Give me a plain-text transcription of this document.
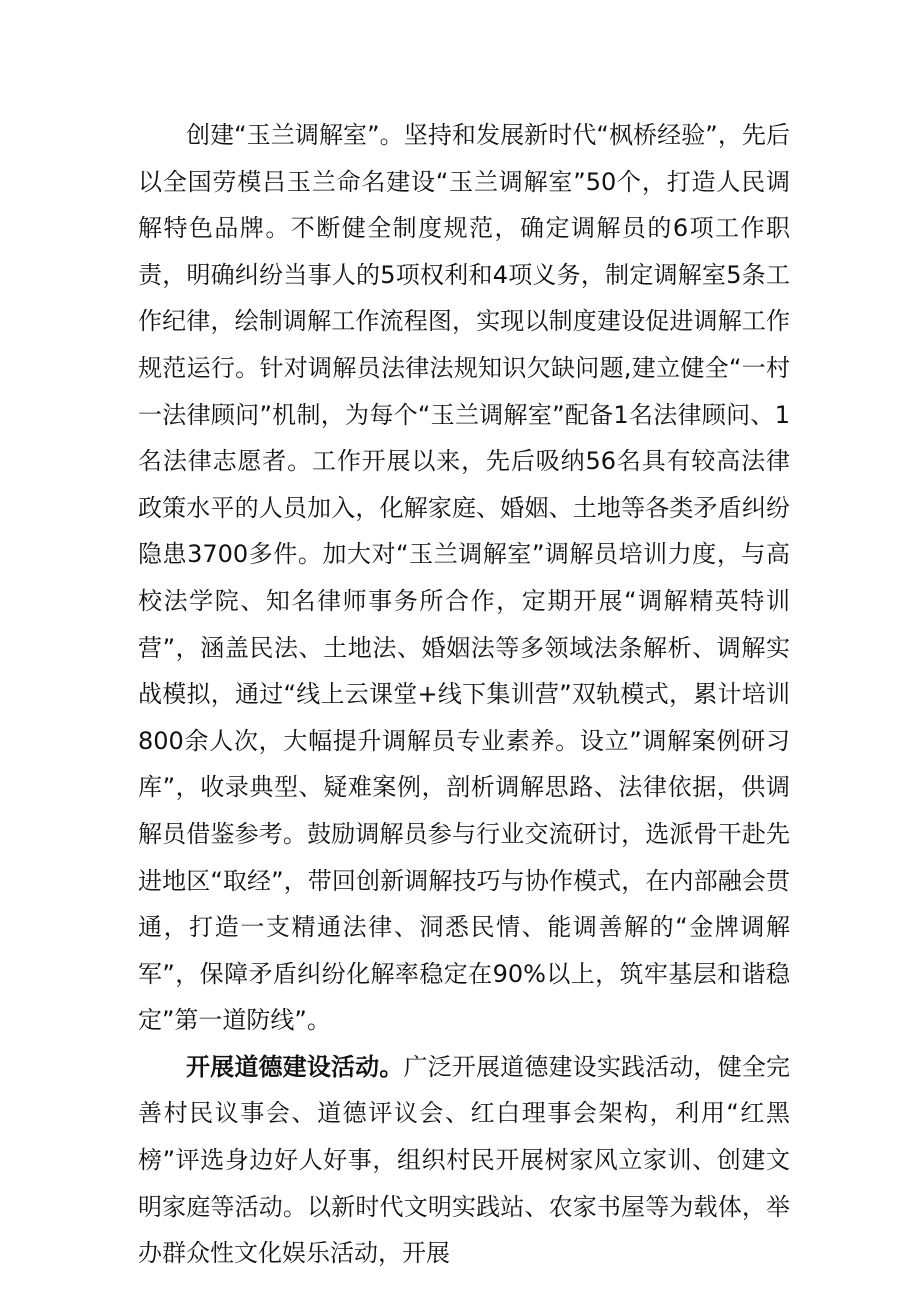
创建“玉兰调解室”。坚持和发展新时代“枫桥经验”，先后以全国劳模吕玉兰命名建设“玉兰调解室”50个，打造人民调解特色品牌。不断健全制度规范，确定调解员的6项工作职责，明确纠纷当事人的5项权利和4项义务，制定调解室5条工作纪律，绘制调解工作流程图，实现以制度建设促进调解工作规范运行。针对调解员法律法规知识欠缺问题,建立健全“一村一法律顾问”机制，为每个“玉兰调解室”配备1名法律顾问、1名法律志愿者。工作开展以来，先后吸纳56名具有较高法律政策水平的人员加入，化解家庭、婚姻、土地等各类矛盾纠纷隐患3700多件。加大对“玉兰调解室”调解员培训力度，与高校法学院、知名律师事务所合作，定期开展“调解精英特训营”，涵盖民法、土地法、婚姻法等多领域法条解析、调解实战模拟，通过“线上云课堂+线下集训营”双轨模式，累计培训800余人次，大幅提升调解员专业素养。设立”调解案例研习库”，收录典型、疑难案例，剖析调解思路、法律依据，供调解员借鉴参考。鼓励调解员参与行业交流研讨，选派骨干赴先进地区“取经”，带回创新调解技巧与协作模式，在内部融会贯通，打造一支精通法律、洞悉民情、能调善解的“金牌调解军”，保障矛盾纠纷化解率稳定在90%以上，筑牢基层和谐稳定”第一道防线”。

开展道德建设活动。广泛开展道德建设实践活动，健全完善村民议事会、道德评议会、红白理事会架构，利用“红黑榜”评选身边好人好事，组织村民开展树家风立家训、创建文明家庭等活动。以新时代文明实践站、农家书屋等为载体，举办群众性文化娱乐活动，开展
